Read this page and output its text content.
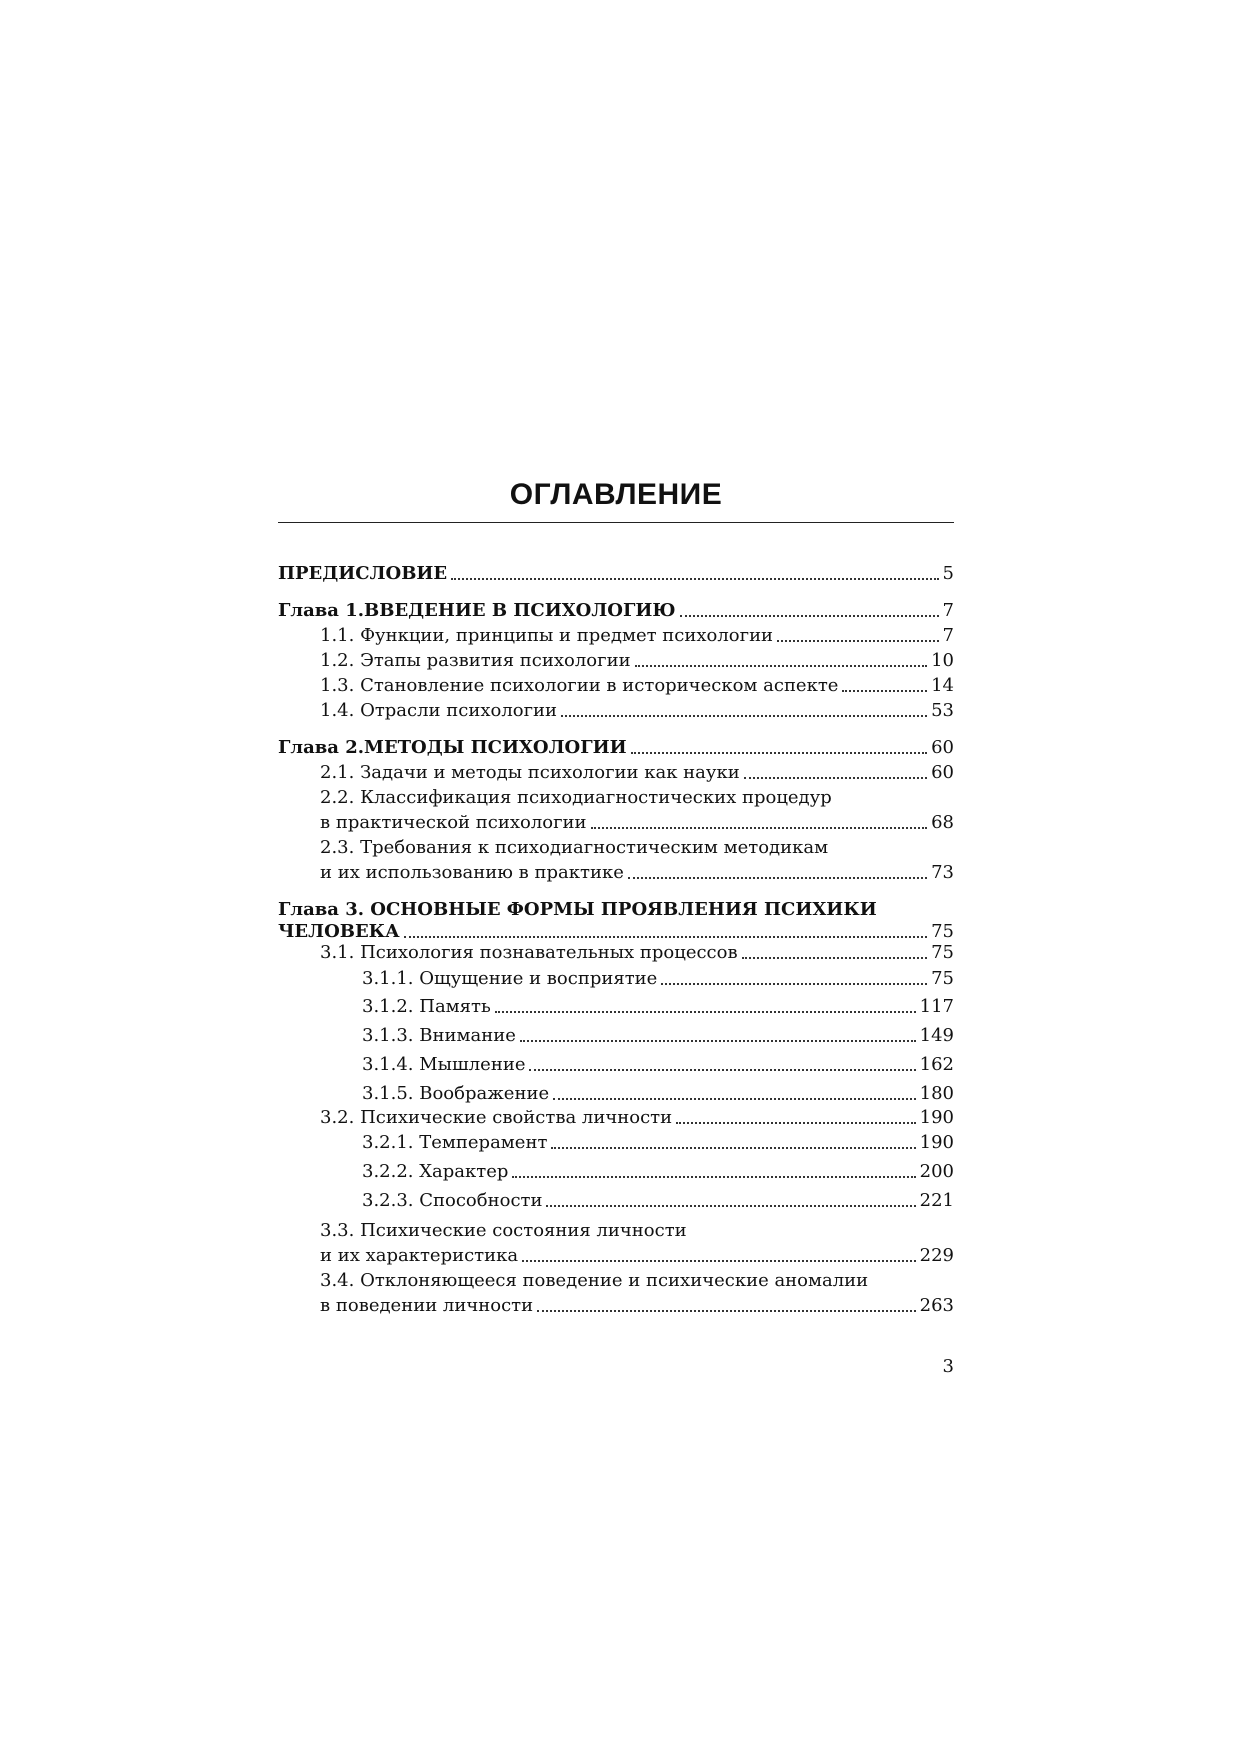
ОГЛАВЛЕНИЕ
ПРЕДИСЛОВИЕ	5
Глава 1. ВВЕДЕНИЕ В ПСИХОЛОГИЮ	7
1.1. Функции, принципы и предмет психологии	7
1.2. Этапы развития психологии	10
1.3. Становление психологии в историческом аспекте	14
1.4. Отрасли психологии	53
Глава 2. МЕТОДЫ ПСИХОЛОГИИ	60
2.1. Задачи и методы психологии как науки	60
2.2. Классификация психодиагностических процедур
в практической психологии	68
2.3. Требования к психодиагностическим методикам
и их использованию в практике	73
Глава 3. ОСНОВНЫЕ ФОРМЫ ПРОЯВЛЕНИЯ ПСИХИКИ
ЧЕЛОВЕКА	75
3.1. Психология познавательных процессов	75
3.1.1. Ощущение и восприятие	75
3.1.2. Память	117
3.1.3. Внимание	149
3.1.4. Мышление	162
3.1.5. Воображение	180
3.2. Психические свойства личности	190
3.2.1. Темперамент	190
3.2.2. Характер	200
3.2.3. Способности	221
3.3. Психические состояния личности
и их характеристика	229
3.4. Отклоняющееся поведение и психические аномалии
в поведении личности	263
3
